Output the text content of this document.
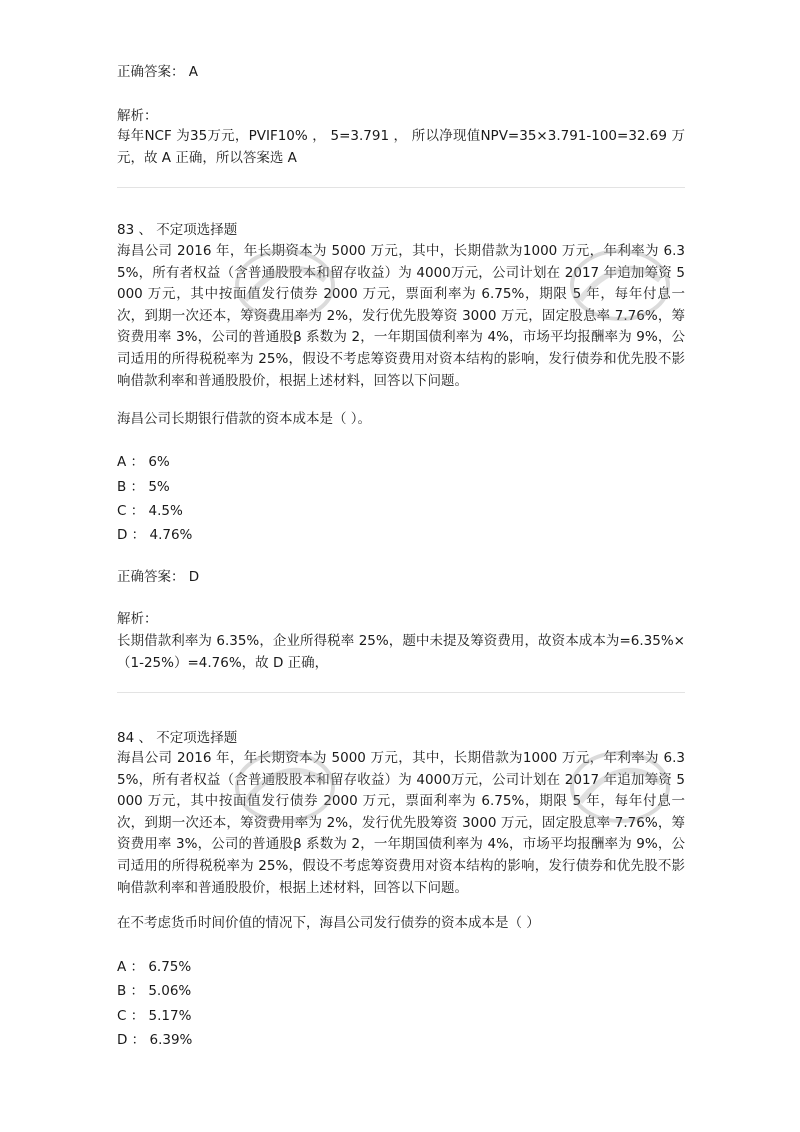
正确答案： A
解析：
每年NCF 为35万元，PVIF10% ， 5=3.791 ， 所以净现值NPV=35×3.791-100=32.69 万元，故 A 正确，所以答案选 A
83 、 不定项选择题
海昌公司 2016 年，年长期资本为 5000 万元，其中，长期借款为1000 万元，年利率为 6.35%，所有者权益（含普通股股本和留存收益）为 4000万元，公司计划在 2017 年追加筹资 5000 万元，其中按面值发行债券 2000 万元，票面利率为 6.75%，期限 5 年，每年付息一次，到期一次还本，筹资费用率为 2%，发行优先股筹资 3000 万元，固定股息率 7.76%，筹资费用率 3%，公司的普通股β 系数为 2，一年期国债利率为 4%，市场平均报酬率为 9%，公司适用的所得税税率为 25%，假设不考虑筹资费用对资本结构的影响，发行债券和优先股不影响借款利率和普通股股价，根据上述材料，回答以下问题。
海昌公司长期银行借款的资本成本是（ ）。
A ： 6%
B ： 5%
C ： 4.5%
D ： 4.76%
正确答案： D
解析：
长期借款利率为 6.35%，企业所得税率 25%，题中未提及筹资费用，故资本成本为=6.35%×（1-25%）=4.76%，故 D 正确，
84 、 不定项选择题
海昌公司 2016 年，年长期资本为 5000 万元，其中，长期借款为1000 万元，年利率为 6.35%，所有者权益（含普通股股本和留存收益）为 4000万元，公司计划在 2017 年追加筹资 5000 万元，其中按面值发行债券 2000 万元，票面利率为 6.75%，期限 5 年，每年付息一次，到期一次还本，筹资费用率为 2%，发行优先股筹资 3000 万元，固定股息率 7.76%，筹资费用率 3%，公司的普通股β 系数为 2，一年期国债利率为 4%，市场平均报酬率为 9%，公司适用的所得税税率为 25%，假设不考虑筹资费用对资本结构的影响，发行债券和优先股不影响借款利率和普通股股价，根据上述材料，回答以下问题。
在不考虑货币时间价值的情况下，海昌公司发行债券的资本成本是（ ）
A ： 6.75%
B ： 5.06%
C ： 5.17%
D ： 6.39%
